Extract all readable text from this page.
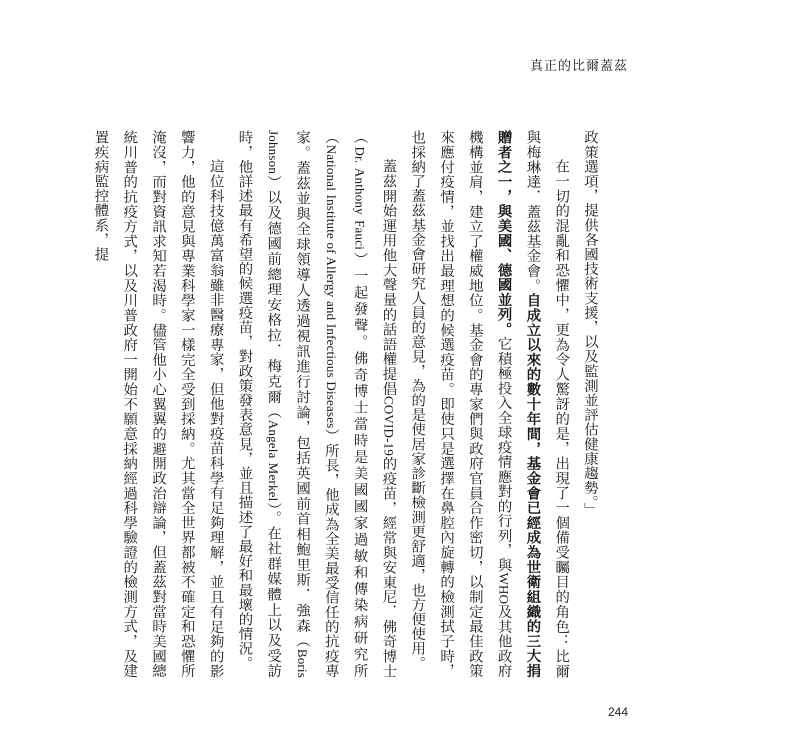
真正的比爾蓋茲

政策選項，提供各國技術支援，以及監測並評估健康趨勢。」

在一切的混亂和恐懼中，更為令人驚訝的是，出現了一個備受矚目的角色：比爾與梅琳達．蓋茲基金會。自成立以來的數十年間，基金會已經成為世衛組織的三大捐贈者之一，與美國、德國並列。它積極投入全球疫情應對的行列，與WHO及其他政府機構並肩，建立了權威地位。基金會的專家們與政府官員合作密切，以制定最佳政策來應付疫情，並找出最理想的候選疫苗。即使只是選擇在鼻腔內旋轉的檢測拭子時，也採納了蓋茲基金會研究人員的意見，為的是使居家診斷檢測更舒適，也方便使用。

蓋茲開始運用他大聲量的話語權提倡COVID-19的疫苗，經常與安東尼．佛奇博士（Dr. Anthony Fauci）一起發聲。佛奇博士當時是美國國家過敏和傳染病研究所（National Institute of Allergy and Infectious Diseases）所長，他成為全美最受信任的抗疫專家。蓋茲並與全球領導人透過視訊進行討論，包括英國前首相鮑里斯．強森（Boris Johnson）以及德國前總理安格拉．梅克爾（Angela Merkel）。在社群媒體上以及受訪時，他詳述最有希望的候選疫苗，對政策發表意見，並且描述了最好和最壞的情況。

這位科技億萬富翁雖非醫療專家，但他對疫苗科學有足夠理解，並且有足夠的影響力，他的意見與專業科學家一樣完全受到採納。尤其當全世界都被不確定和恐懼所淹沒，而對資訊求知若渴時。儘管他小心翼翼的避開政治辯論，但蓋茲對當時美國總統川普的抗疫方式，以及川普政府一開始不願意採納經過科學驗證的檢測方式，及建置疾病監控體系，提

244
